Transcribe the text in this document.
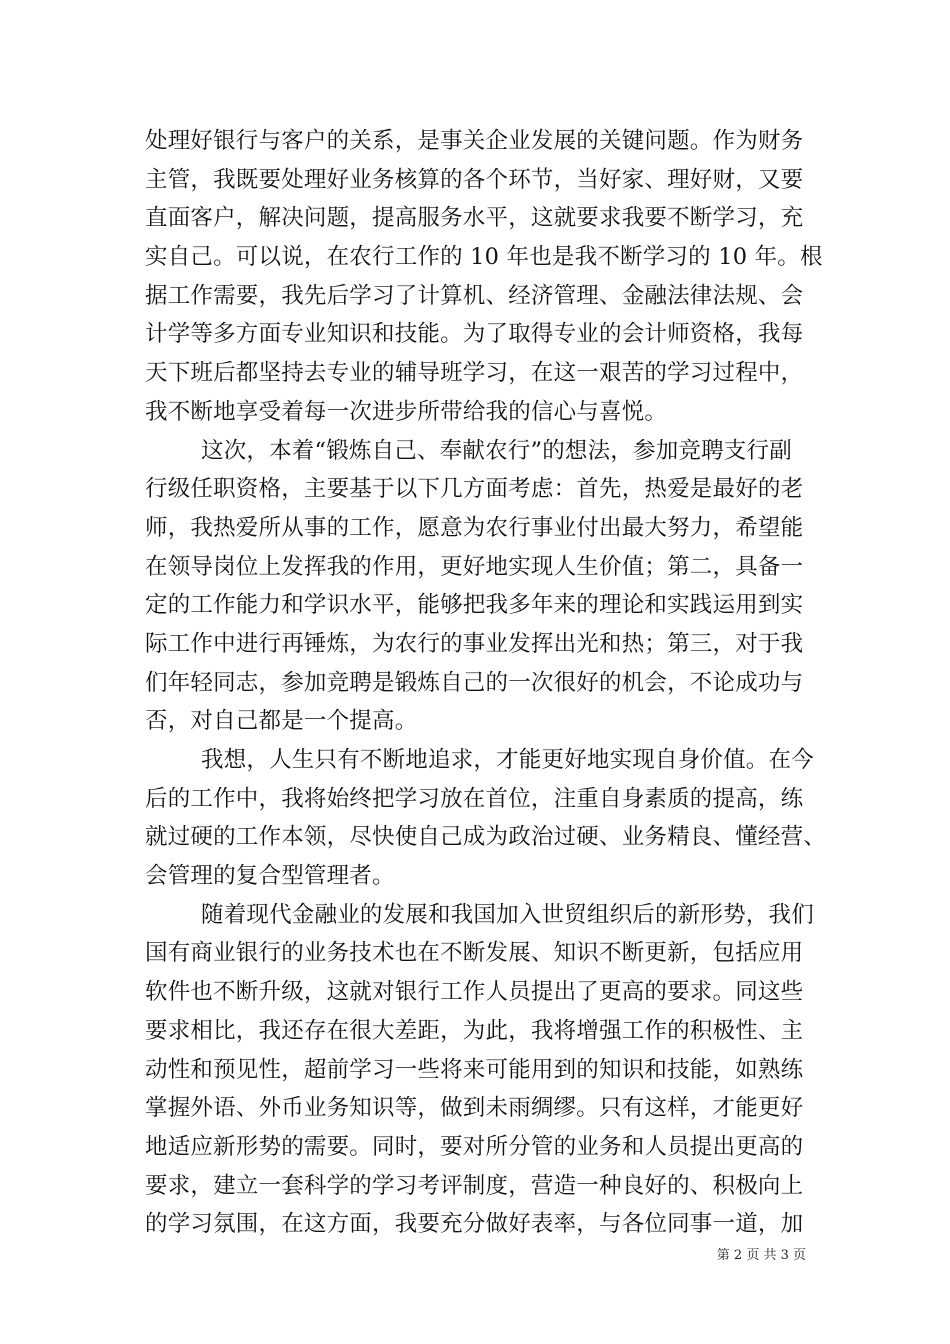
处理好银行与客户的关系，是事关企业发展的关键问题。作为财务
主管，我既要处理好业务核算的各个环节，当好家、理好财，又要
直面客户，解决问题，提高服务水平，这就要求我要不断学习，充
实自己。可以说，在农行工作的 10 年也是我不断学习的 10 年。根
据工作需要，我先后学习了计算机、经济管理、金融法律法规、会
计学等多方面专业知识和技能。为了取得专业的会计师资格，我每
天下班后都坚持去专业的辅导班学习，在这一艰苦的学习过程中，
我不断地享受着每一次进步所带给我的信心与喜悦。
这次，本着“锻炼自己、奉献农行”的想法，参加竞聘支行副
行级任职资格，主要基于以下几方面考虑：首先，热爱是最好的老
师，我热爱所从事的工作，愿意为农行事业付出最大努力，希望能
在领导岗位上发挥我的作用，更好地实现人生价值；第二，具备一
定的工作能力和学识水平，能够把我多年来的理论和实践运用到实
际工作中进行再锤炼，为农行的事业发挥出光和热；第三，对于我
们年轻同志，参加竞聘是锻炼自己的一次很好的机会，不论成功与
否，对自己都是一个提高。
我想，人生只有不断地追求，才能更好地实现自身价值。在今
后的工作中，我将始终把学习放在首位，注重自身素质的提高，练
就过硬的工作本领，尽快使自己成为政治过硬、业务精良、懂经营、
会管理的复合型管理者。
随着现代金融业的发展和我国加入世贸组织后的新形势，我们
国有商业银行的业务技术也在不断发展、知识不断更新，包括应用
软件也不断升级，这就对银行工作人员提出了更高的要求。同这些
要求相比，我还存在很大差距，为此，我将增强工作的积极性、主
动性和预见性，超前学习一些将来可能用到的知识和技能，如熟练
掌握外语、外币业务知识等，做到未雨绸缪。只有这样，才能更好
地适应新形势的需要。同时，要对所分管的业务和人员提出更高的
要求，建立一套科学的学习考评制度，营造一种良好的、积极向上
的学习氛围，在这方面，我要充分做好表率，与各位同事一道，加
第 2 页 共 3 页
